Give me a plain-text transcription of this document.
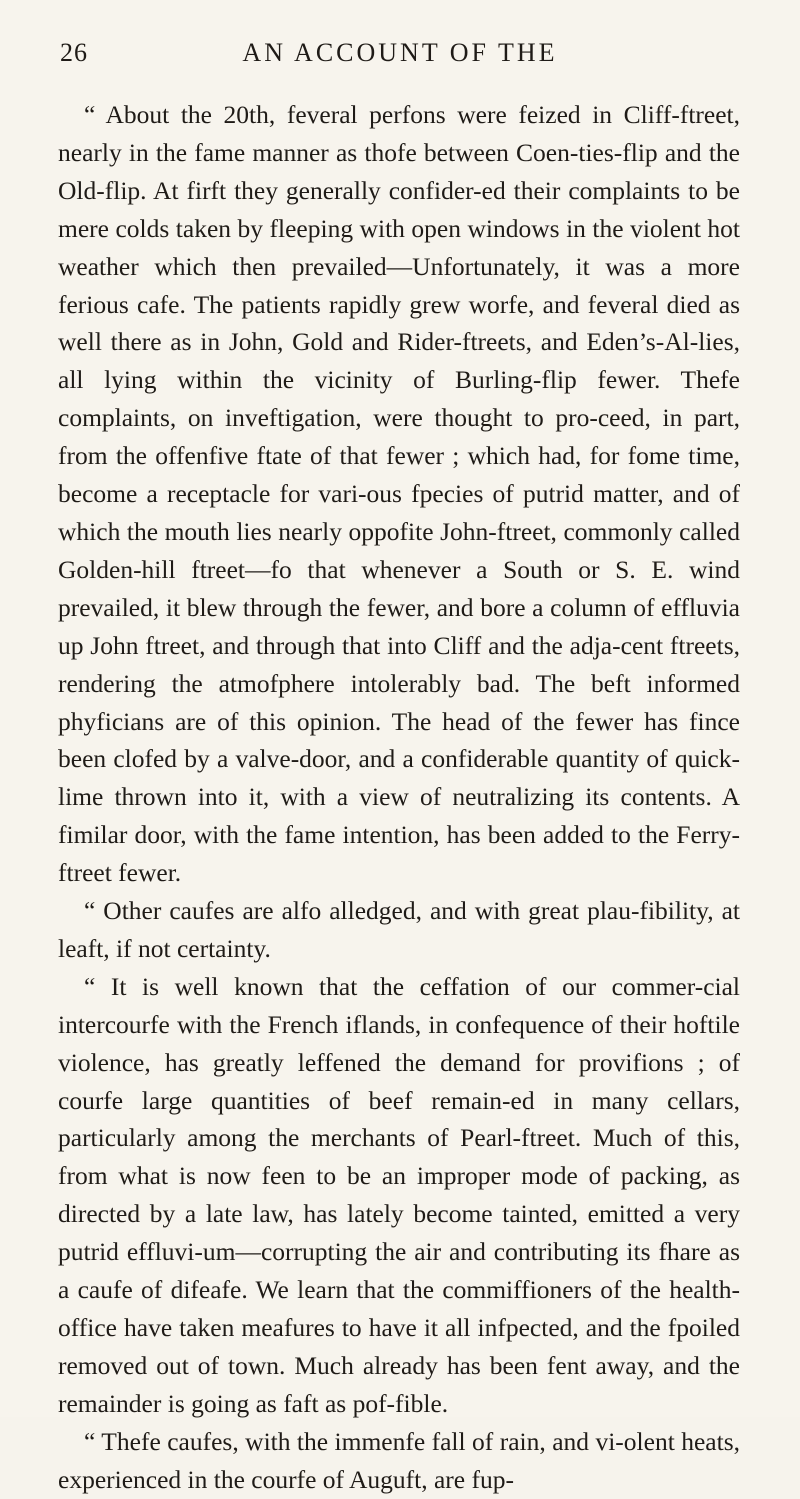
26	AN ACCOUNT OF THE

“ About the 20th, feveral perfons were feized in Cliff-ftreet, nearly in the fame manner as thofe between Coen-ties-flip and the Old-flip. At firft they generally confider-ed their complaints to be mere colds taken by fleeping with open windows in the violent hot weather which then prevailed—Unfortunately, it was a more ferious cafe. The patients rapidly grew worfe, and feveral died as well there as in John, Gold and Rider-ftreets, and Eden’s-Al-lies, all lying within the vicinity of Burling-flip fewer. Thefe complaints, on inveftigation, were thought to pro-ceed, in part, from the offenfive ftate of that fewer ; which had, for fome time, become a receptacle for vari-ous fpecies of putrid matter, and of which the mouth lies nearly oppofite John-ftreet, commonly called Golden-hill ftreet—fo that whenever a South or S. E. wind prevailed, it blew through the fewer, and bore a column of effluvia up John ftreet, and through that into Cliff and the adja-cent ftreets, rendering the atmofphere intolerably bad. The beft informed phyficians are of this opinion. The head of the fewer has fince been clofed by a valve-door, and a confiderable quantity of quick-lime thrown into it, with a view of neutralizing its contents. A fimilar door, with the fame intention, has been added to the Ferry-ftreet fewer.

“ Other caufes are alfo alledged, and with great plau-fibility, at leaft, if not certainty.

“ It is well known that the ceffation of our commer-cial intercourfe with the French iflands, in confequence of their hoftile violence, has greatly leffened the demand for provifions ; of courfe large quantities of beef remain-ed in many cellars, particularly among the merchants of Pearl-ftreet. Much of this, from what is now feen to be an improper mode of packing, as directed by a late law, has lately become tainted, emitted a very putrid effluvi-um—corrupting the air and contributing its fhare as a caufe of difeafe. We learn that the commiffioners of the health-office have taken meafures to have it all infpected, and the fpoiled removed out of town. Much already has been fent away, and the remainder is going as faft as pof-fible.

“ Thefe caufes, with the immenfe fall of rain, and vi-olent heats, experienced in the courfe of Auguft, are fup-
